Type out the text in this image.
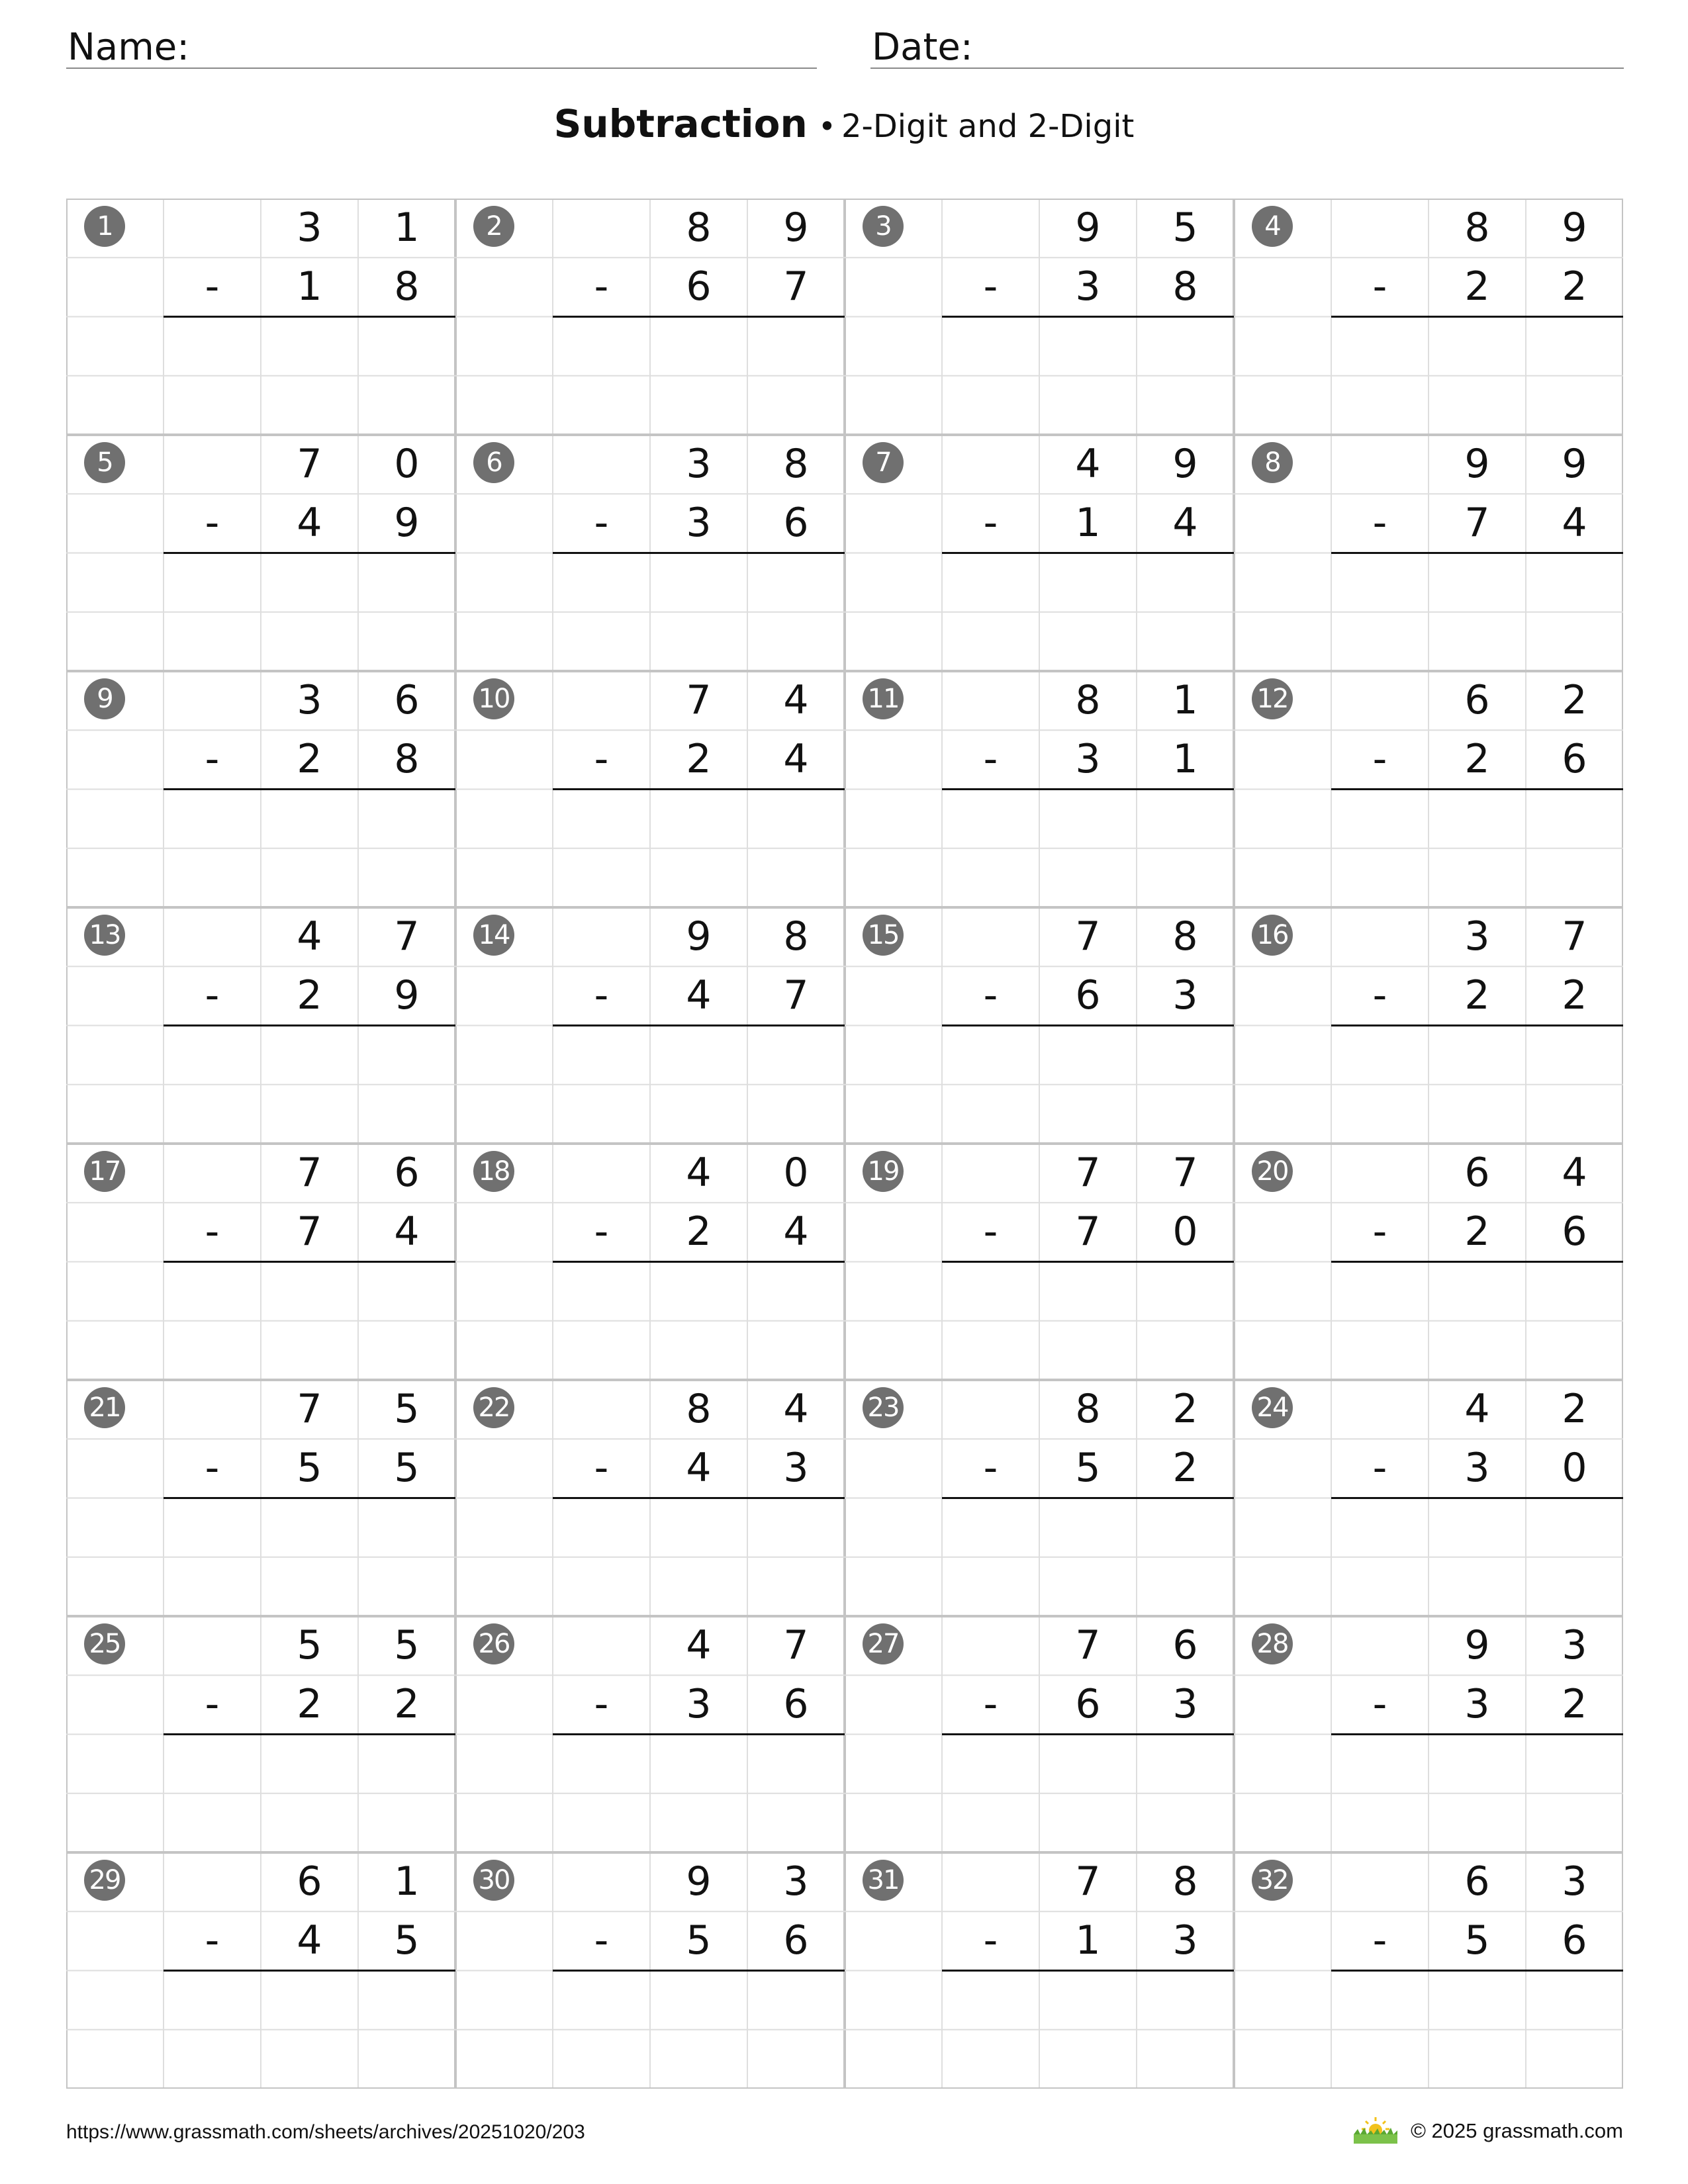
Name:	Date:
Subtraction • 2-Digit and 2-Digit
1	3	1
-	1	8
2	8	9
-	6	7
3	9	5
-	3	8
4	8	9
-	2	2
5	7	0
-	4	9
6	3	8
-	3	6
7	4	9
-	1	4
8	9	9
-	7	4
9	3	6
-	2	8
10	7	4
-	2	4
11	8	1
-	3	1
12	6	2
-	2	6
13	4	7
-	2	9
14	9	8
-	4	7
15	7	8
-	6	3
16	3	7
-	2	2
17	7	6
-	7	4
18	4	0
-	2	4
19	7	7
-	7	0
20	6	4
-	2	6
21	7	5
-	5	5
22	8	4
-	4	3
23	8	2
-	5	2
24	4	2
-	3	0
25	5	5
-	2	2
26	4	7
-	3	6
27	7	6
-	6	3
28	9	3
-	3	2
29	6	1
-	4	5
30	9	3
-	5	6
31	7	8
-	1	3
32	6	3
-	5	6
https://www.grassmath.com/sheets/archives/20251020/203	© 2025 grassmath.com
